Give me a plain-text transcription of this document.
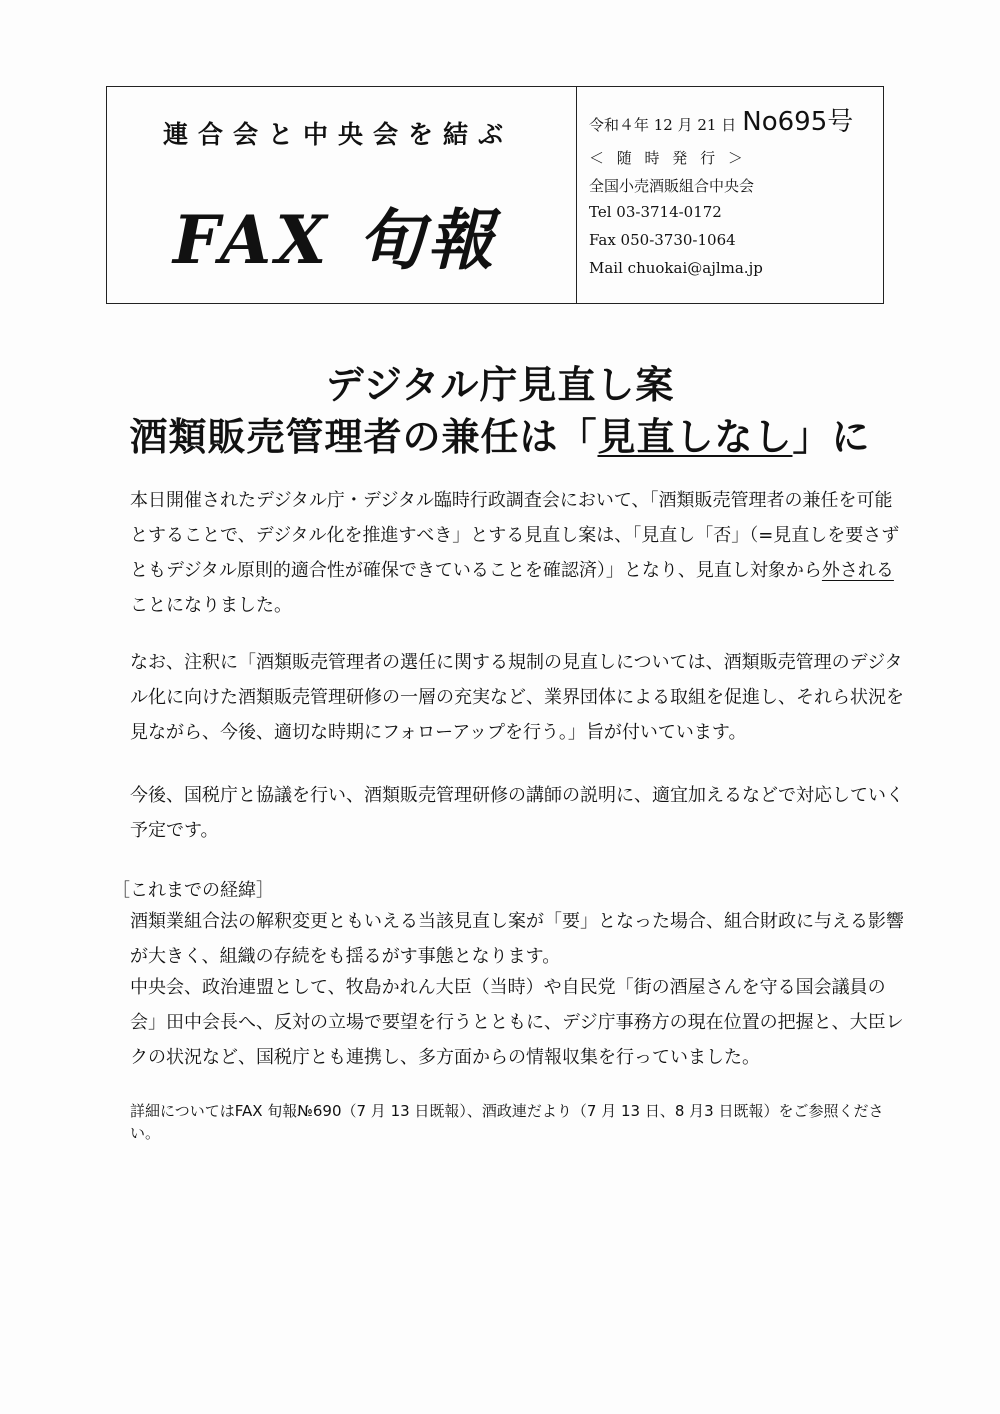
連合会と中央会を結ぶ
FAX 旬報
令和４年 12 月 21 日 No695号
＜ 随 時 発 行 ＞
全国小売酒販組合中央会
Tel 03-3714-0172
Fax 050-3730-1064
Mail chuokai@ajlma.jp
デジタル庁見直し案
酒類販売管理者の兼任は「見直しなし」に

本日開催されたデジタル庁・デジタル臨時行政調査会において、「酒類販売管理者の兼任を可能とすることで、デジタル化を推進すべき」とする見直し案は、「見直し「否」（=見直しを要さずともデジタル原則的適合性が確保できていることを確認済）」となり、見直し対象から外されることになりました。

なお、注釈に「酒類販売管理者の選任に関する規制の見直しについては、酒類販売管理のデジタル化に向けた酒類販売管理研修の一層の充実など、業界団体による取組を促進し、それら状況を見ながら、今後、適切な時期にフォローアップを行う。」旨が付いています。

今後、国税庁と協議を行い、酒類販売管理研修の講師の説明に、適宜加えるなどで対応していく予定です。

［これまでの経緯］

酒類業組合法の解釈変更ともいえる当該見直し案が「要」となった場合、組合財政に与える影響が大きく、組織の存続をも揺るがす事態となります。

中央会、政治連盟として、牧島かれん大臣（当時）や自民党「街の酒屋さんを守る国会議員の会」田中会長へ、反対の立場で要望を行うとともに、デジ庁事務方の現在位置の把握と、大臣レクの状況など、国税庁とも連携し、多方面からの情報収集を行っていました。

詳細についてはFAX 旬報№690（7 月 13 日既報）、酒政連だより（7 月 13 日、8 月3 日既報）をご参照ください。
